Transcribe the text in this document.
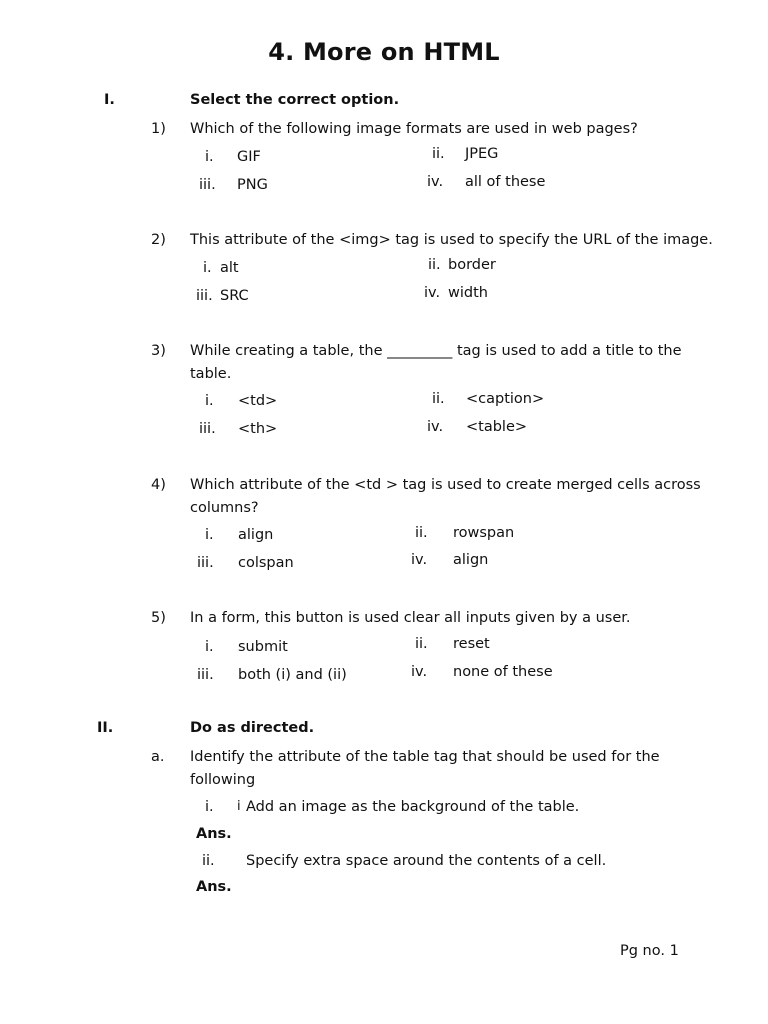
4. More on HTML
I.	Select the correct option.
1) Which of the following image formats are used in web pages?
i. GIF	ii. JPEG
iii. PNG	iv. all of these
2) This attribute of the <img> tag is used to specify the URL of the image.
i. alt	ii. border
iii. SRC	iv. width
3) While creating a table, the _________ tag is used to add a title to the
table.
i. <td>	ii. <caption>
iii. <th>	iv. <table>
4) Which attribute of the <td > tag is used to create merged cells across
columns?
i. align	ii. rowspan
iii. colspan	iv. align
5) In a form, this button is used clear all inputs given by a user.
i. submit	ii. reset
iii. both (i) and (ii)	iv. none of these
II.	Do as directed.
a. Identify the attribute of the table tag that should be used for the
following
i. i Add an image as the background of the table.
Ans.
ii. Specify extra space around the contents of a cell.
Ans.
Pg no. 1
